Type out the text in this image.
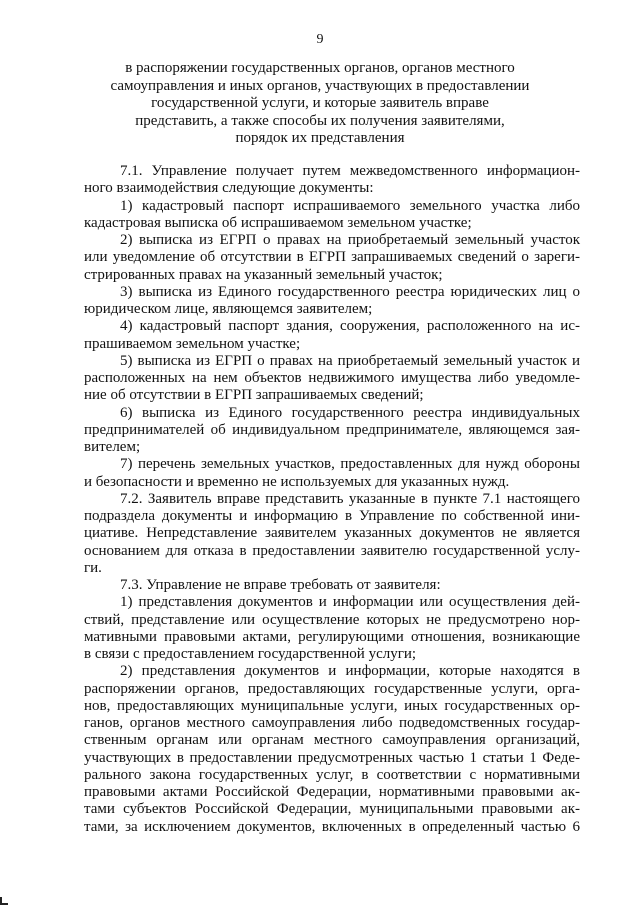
9
в распоряжении государственных органов, органов местного
самоуправления и иных органов, участвующих в предоставлении
государственной услуги, и которые заявитель вправе
представить, а также способы их получения заявителями,
порядок их представления
7.1. Управление получает путем межведомственного информацион-
ного взаимодействия следующие документы:
1) кадастровый паспорт испрашиваемого земельного участка либо
кадастровая выписка об испрашиваемом земельном участке;
2) выписка из ЕГРП о правах на приобретаемый земельный участок
или уведомление об отсутствии в ЕГРП запрашиваемых сведений о зареги-
стрированных правах на указанный земельный участок;
3) выписка из Единого государственного реестра юридических лиц о
юридическом лице, являющемся заявителем;
4) кадастровый паспорт здания, сооружения, расположенного на ис-
прашиваемом земельном участке;
5) выписка из ЕГРП о правах на приобретаемый земельный участок и
расположенных на нем объектов недвижимого имущества либо уведомле-
ние об отсутствии в ЕГРП запрашиваемых сведений;
6) выписка из Единого государственного реестра индивидуальных
предпринимателей об индивидуальном предпринимателе, являющемся зая-
вителем;
7) перечень земельных участков, предоставленных для нужд обороны
и безопасности и временно не используемых для указанных нужд.
7.2. Заявитель вправе представить указанные в пункте 7.1 настоящего
подраздела документы и информацию в Управление по собственной ини-
циативе. Непредставление заявителем указанных документов не является
основанием для отказа в предоставлении заявителю государственной услу-
ги.
7.3. Управление не вправе требовать от заявителя:
1) представления документов и информации или осуществления дей-
ствий, представление или осуществление которых не предусмотрено нор-
мативными правовыми актами, регулирующими отношения, возникающие
в связи с предоставлением государственной услуги;
2) представления документов и информации, которые находятся в
распоряжении органов, предоставляющих государственные услуги, орга-
нов, предоставляющих муниципальные услуги, иных государственных ор-
ганов, органов местного самоуправления либо подведомственных государ-
ственным органам или органам местного самоуправления организаций,
участвующих в предоставлении предусмотренных частью 1 статьи 1 Феде-
рального закона государственных услуг, в соответствии с нормативными
правовыми актами Российской Федерации, нормативными правовыми ак-
тами субъектов Российской Федерации, муниципальными правовыми ак-
тами, за исключением документов, включенных в определенный частью 6
